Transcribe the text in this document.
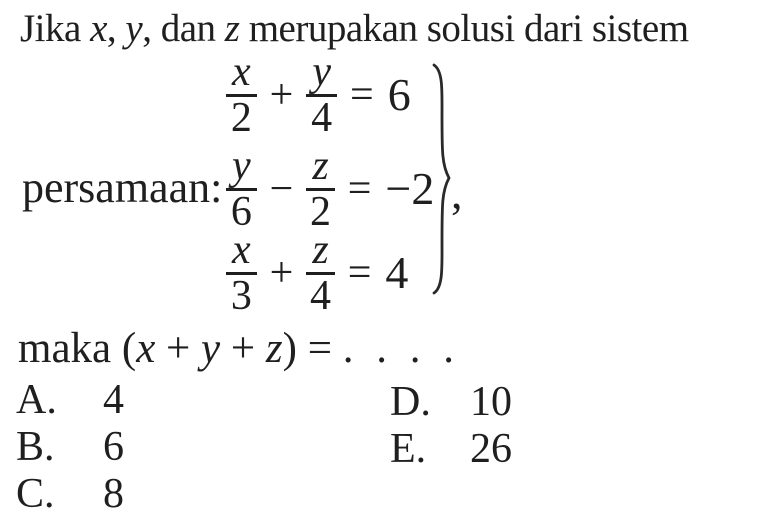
Jika x, y, dan z merupakan solusi dari sistem

persamaan:
$\frac{x}{2} + \frac{y}{4} = 6$
$\frac{y}{6} - \frac{z}{2} = -2$
$\frac{x}{3} + \frac{z}{4} = 4$
,

maka (x + y + z) = . . . .

A.	4
B.	6
C.	8
D. 10
E.	26
